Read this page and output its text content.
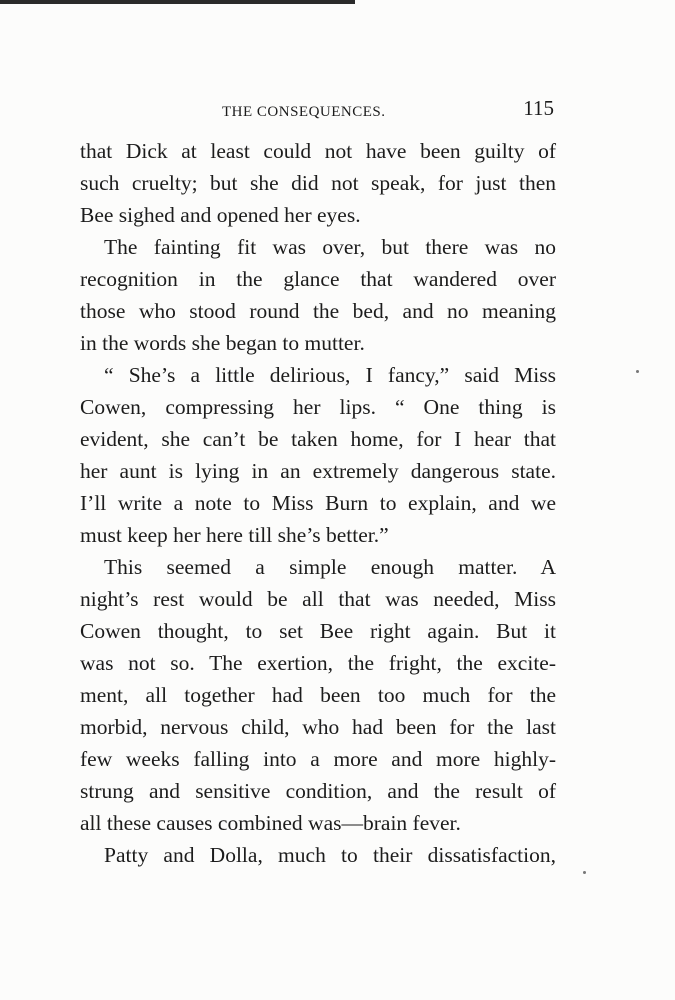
THE CONSEQUENCES.	115
that Dick at least could not have been guilty of
such cruelty; but she did not speak, for just then
Bee sighed and opened her eyes.
The fainting fit was over, but there was no
recognition in the glance that wandered over
those who stood round the bed, and no meaning
in the words she began to mutter.
“ She’s a little delirious, I fancy,” said Miss
Cowen, compressing her lips. “ One thing is
evident, she can’t be taken home, for I hear that
her aunt is lying in an extremely dangerous state.
I’ll write a note to Miss Burn to explain, and we
must keep her here till she’s better.”
This seemed a simple enough matter. A
night’s rest would be all that was needed, Miss
Cowen thought, to set Bee right again. But it
was not so. The exertion, the fright, the excite-
ment, all together had been too much for the
morbid, nervous child, who had been for the last
few weeks falling into a more and more highly-
strung and sensitive condition, and the result of
all these causes combined was—brain fever.
Patty and Dolla, much to their dissatisfaction,
